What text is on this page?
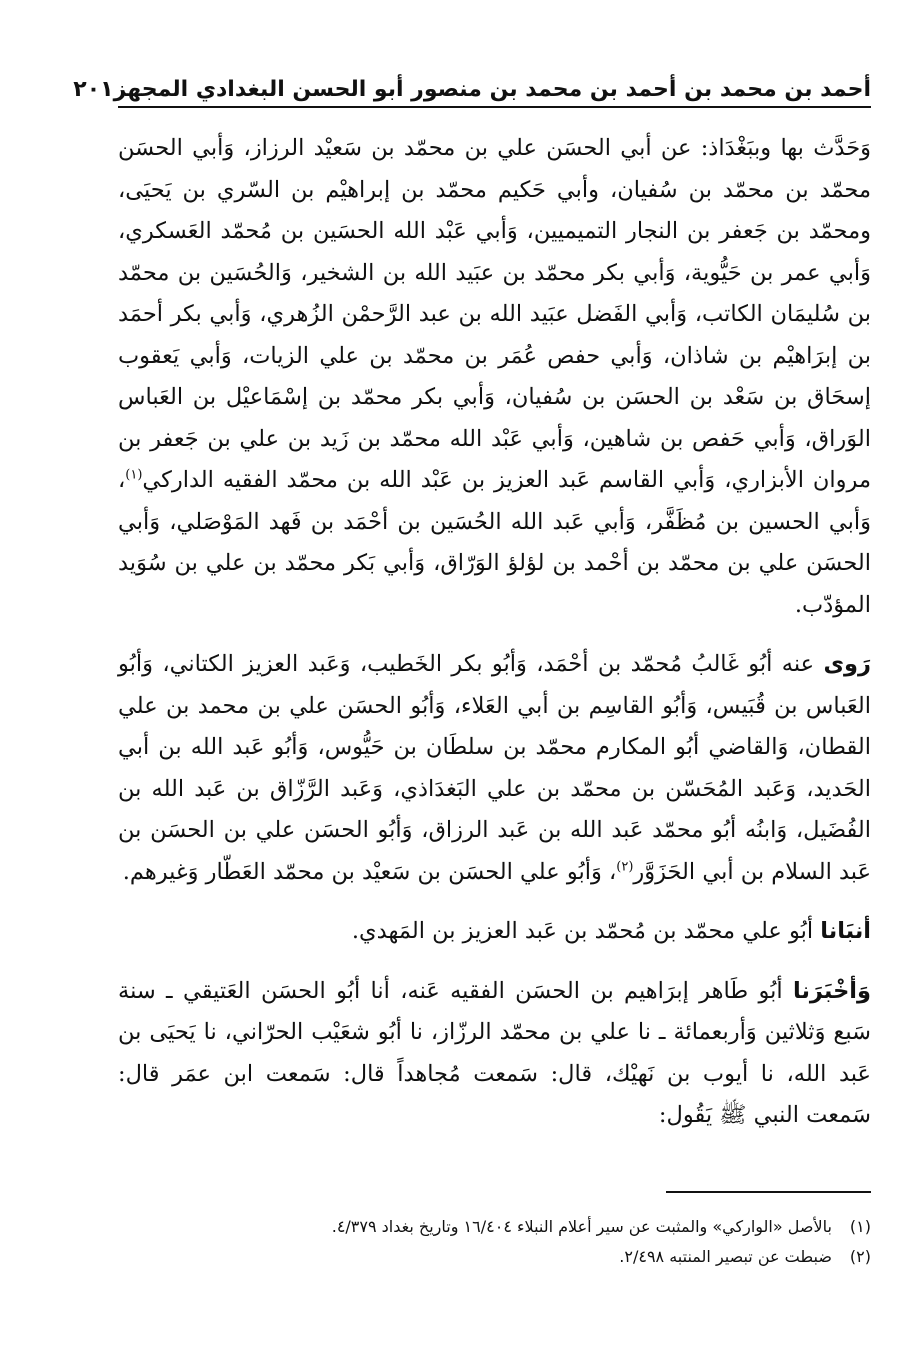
أحمد بن محمد بن أحمد بن محمد بن منصور أبو الحسن البغدادي المجهز
٢٠١

وَحَدَّث بها وببَغْدَاذ: عن أبي الحسَن علي بن محمّد بن سَعيْد الرزاز، وَأبي الحسَن محمّد بن محمّد بن سُفيان، وأبي حَكيم محمّد بن إبراهيْم بن السّري بن يَحيَى، ومحمّد بن جَعفر بن النجار التميميين، وَأبي عَبْد الله الحسَين بن مُحمّد العَسكري، وَأبي عمر بن حَيُّوية، وَأبي بكر محمّد بن عبَيد الله بن الشخير، وَالحُسَين بن محمّد بن سُليمَان الكاتب، وَأبي الفَضل عبَيد الله بن عبد الرَّحمْن الزُهري، وَأبي بكر أحمَد بن إبرَاهيْم بن شاذان، وَأبي حفص عُمَر بن محمّد بن علي الزيات، وَأبي يَعقوب إسحَاق بن سَعْد بن الحسَن بن سُفيان، وَأبي بكر محمّد بن إسْمَاعيْل بن العَباس الوَراق، وَأبي حَفص بن شاهين، وَأبي عَبْد الله محمّد بن زَيد بن علي بن جَعفر بن مروان الأبزاري، وَأبي القاسم عَبد العزيز بن عَبْد الله بن محمّد الفقيه الداركي$^{(١)}$، وَأبي الحسين بن مُظَفَّر، وَأبي عَبد الله الحُسَين بن أحْمَد بن فَهد المَوْصَلي، وَأبي الحسَن علي بن محمّد بن أحْمد بن لؤلؤ الوَرّاق، وَأبي بَكر محمّد بن علي بن سُوَيد المؤدّب.

رَوى عنه أبُو غَالبُ مُحمّد بن أحْمَد، وَأبُو بكر الخَطيب، وَعَبد العزيز الكتاني، وَأبُو العَباس بن قُبَيس، وَأبُو القاسِم بن أبي العَلاء، وَأبُو الحسَن علي بن محمد بن علي القطان، وَالقاضي أبُو المكارم محمّد بن سلطَان بن حَيُّوس، وَأبُو عَبد الله بن أبي الحَديد، وَعَبد المُحَسّن بن محمّد بن علي البَغدَاذي، وَعَبد الرَّزّاق بن عَبد الله بن الفُضَيل، وَابنُه أبُو محمّد عَبد الله بن عَبد الرزاق، وَأبُو الحسَن علي بن الحسَن بن عَبد السلام بن أبي الحَزَوَّر$^{(٢)}$، وَأبُو علي الحسَن بن سَعيْد بن محمّد العَطّار وَغيرهم.

أنبَانا أبُو علي محمّد بن مُحمّد بن عَبد العزيز بن المَهدي.

وَأخْبَرَنا أبُو طَاهر إبرَاهيم بن الحسَن الفقيه عَنه، أنا أبُو الحسَن العَتيقي ـ سنة سَبع وَثلاثين وَأربعمائة ـ نا علي بن محمّد الرزّاز، نا أبُو شعَيْب الحرّاني، نا يَحيَى بن عَبد الله، نا أيوب بن نَهيْك، قال: سَمعت مُجاهداً قال: سَمعت ابن عمَر قال: سَمعت النبي ﷺ يَقُول:

(١)
بالأصل «الواركي» والمثبت عن سير أعلام النبلاء ١٦/٤٠٤ وتاريخ بغداد ٤/٣٧٩.
(٢)
ضبطت عن تبصير المنتبه ٢/٤٩٨.
